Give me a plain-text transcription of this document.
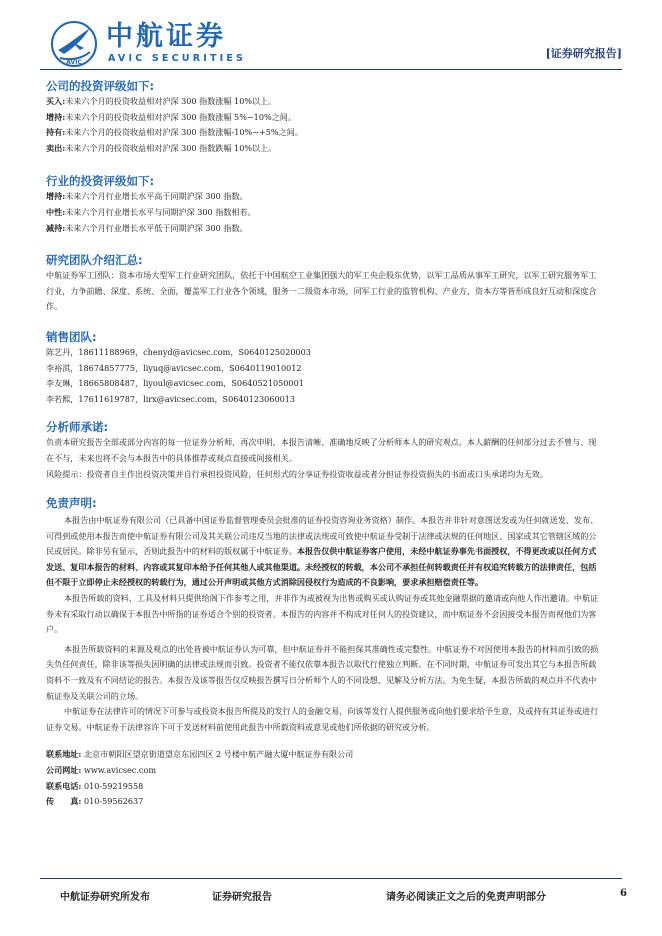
AVIC
中航证券
AVIC SECURITIES	[证券研究报告]
公司的投资评级如下:
买入:未来六个月的投资收益相对沪深 300 指数涨幅 10%以上。
增持:未来六个月的投资收益相对沪深 300 指数涨幅 5%~10%之间。
持有:未来六个月的投资收益相对沪深 300 指数涨幅-10%~+5%之间。
卖出:未来六个月的投资收益相对沪深 300 指数跌幅 10%以上。
行业的投资评级如下:
增持:未来六个月行业增长水平高于同期沪深 300 指数。
中性:未来六个月行业增长水平与同期沪深 300 指数相若。
减持:未来六个月行业增长水平低于同期沪深 300 指数。
研究团队介绍汇总:
中航证券军工团队：资本市场大型军工行业研究团队，依托于中国航空工业集团强大的军工央企股东优势，以军工品质从事军工研究，以军工研究服务军工
行业，力争前瞻、深度、系统、全面，覆盖军工行业各个领域，服务一二级资本市场，同军工行业的监管机构、产业方、资本方等皆形成良好互动和深度合
作。
销售团队:
陈艺丹，18611188969，chenyd@avicsec.com，S0640125020003
李裕淇，18674857775，liyuq@avicsec.com，S0640119010012
李友琳，18665808487，liyoul@avicsec.com，S0640521050001
李若熙，17611619787，lirx@avicsec.com，S0640123060013
分析师承诺:
负责本研究报告全部或部分内容的每一位证券分析师，再次申明，本报告清晰、准确地反映了分析师本人的研究观点。本人薪酬的任何部分过去不曾与、现
在不与，未来也将不会与本报告中的具体推荐或观点直接或间接相关。
风险提示：投资者自主作出投资决策并自行承担投资风险，任何形式的分享证券投资收益或者分担证券投资损失的书面或口头承诺均为无效。
免责声明:
本报告由中航证券有限公司（已具备中国证券监督管理委员会批准的证券投资咨询业务资格）制作。本报告并非针对意图送发或为任何就送发、发布、
可得到或使用本报告而使中航证券有限公司及其关联公司违反当地的法律或法规或可致使中航证券受制于法律或法规的任何地区、国家或其它管辖区域的公
民或居民。除非另有显示，否则此报告中的材料的版权属于中航证券。本报告仅供中航证券客户使用，未经中航证券事先书面授权，不得更改或以任何方式
发送、复印本报告的材料、内容或其复印本给予任何其他人或其他渠道。未经授权的转载，本公司不承担任何转载责任并有权追究转载方的法律责任，包括
但不限于立即停止未经授权的转载行为，通过公开声明或其他方式消除因侵权行为造成的不良影响，要求承担赔偿责任等。
本报告所载的资料、工具及材料只提供给阁下作参考之用，并非作为或被视为出售或购买或认购证券或其他金融票据的邀请或向他人作出邀请。中航证
券未有采取行动以确保于本报告中所指的证券适合个别的投资者。本报告的内容并不构成对任何人的投资建议，而中航证券不会因接受本报告而视他们为客
户。
本报告所载资料的来源及观点的出处皆被中航证券认为可靠，但中航证券并不能担保其准确性或完整性。中航证券不对因使用本报告的材料而引致的损
失负任何责任，除非该等损失因明确的法律或法规而引致。投资者不能仅依靠本报告以取代行使独立判断。在不同时期，中航证券可发出其它与本报告所载
资料不一致及有不同结论的报告。本报告及该等报告仅反映报告撰写日分析师个人的不同设想、见解及分析方法。为免生疑，本报告所载的观点并不代表中
航证券及关联公司的立场。
中航证券在法律许可的情况下可参与或投资本报告所提及的发行人的金融交易，向该等发行人提供服务或向他们要求给予生意，及或持有其证券或进行
证券交易。中航证券于法律容许下可于发送材料前使用此报告中所载资料或意见或他们所依据的研究或分析。
联系地址: 北京市朝阳区望京街道望京东园四区 2 号楼中航产融大厦中航证券有限公司
公司网址: www.avicsec.com
联系电话: 010-59219558
传　　真: 010-59562637
中航证券研究所发布	证券研究报告	请务必阅读正文之后的免责声明部分	6
